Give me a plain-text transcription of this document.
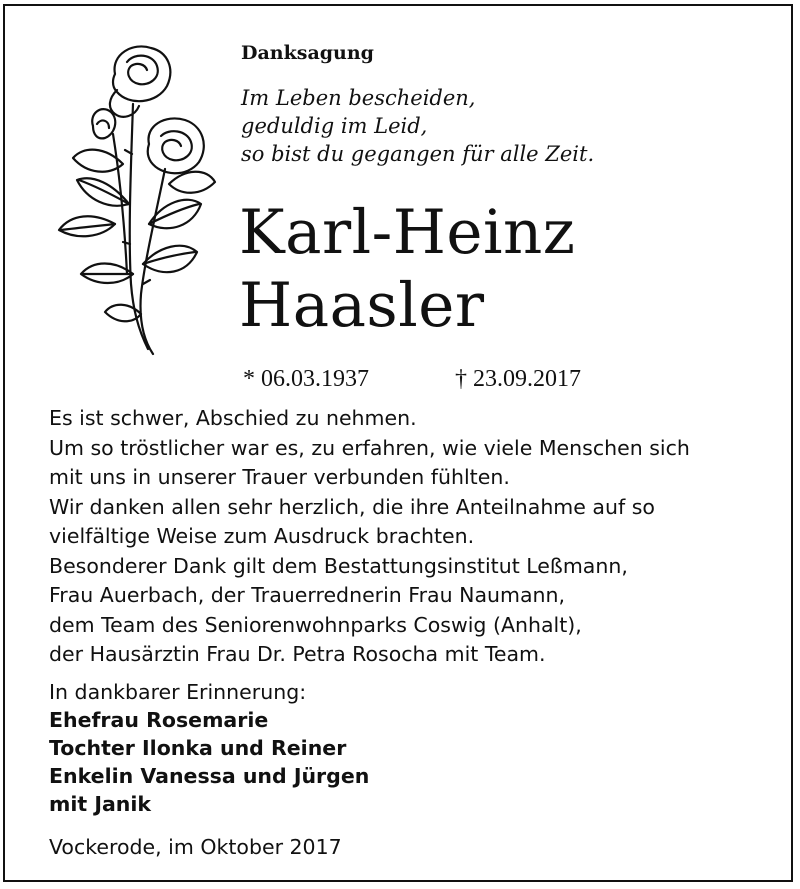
Danksagung
Im Leben bescheiden,
geduldig im Leid,
so bist du gegangen für alle Zeit.
Karl-Heinz
Haasler
* 06.03.1937	† 23.09.2017
Es ist schwer, Abschied zu nehmen.
Um so tröstlicher war es, zu erfahren, wie viele Menschen sich
mit uns in unserer Trauer verbunden fühlten.
Wir danken allen sehr herzlich, die ihre Anteilnahme auf so
vielfältige Weise zum Ausdruck brachten.
Besonderer Dank gilt dem Bestattungsinstitut Leßmann,
Frau Auerbach, der Trauerrednerin Frau Naumann,
dem Team des Seniorenwohnparks Coswig (Anhalt),
der Hausärztin Frau Dr. Petra Rosocha mit Team.
In dankbarer Erinnerung:
Ehefrau Rosemarie
Tochter Ilonka und Reiner
Enkelin Vanessa und Jürgen
mit Janik
Vockerode, im Oktober 2017
